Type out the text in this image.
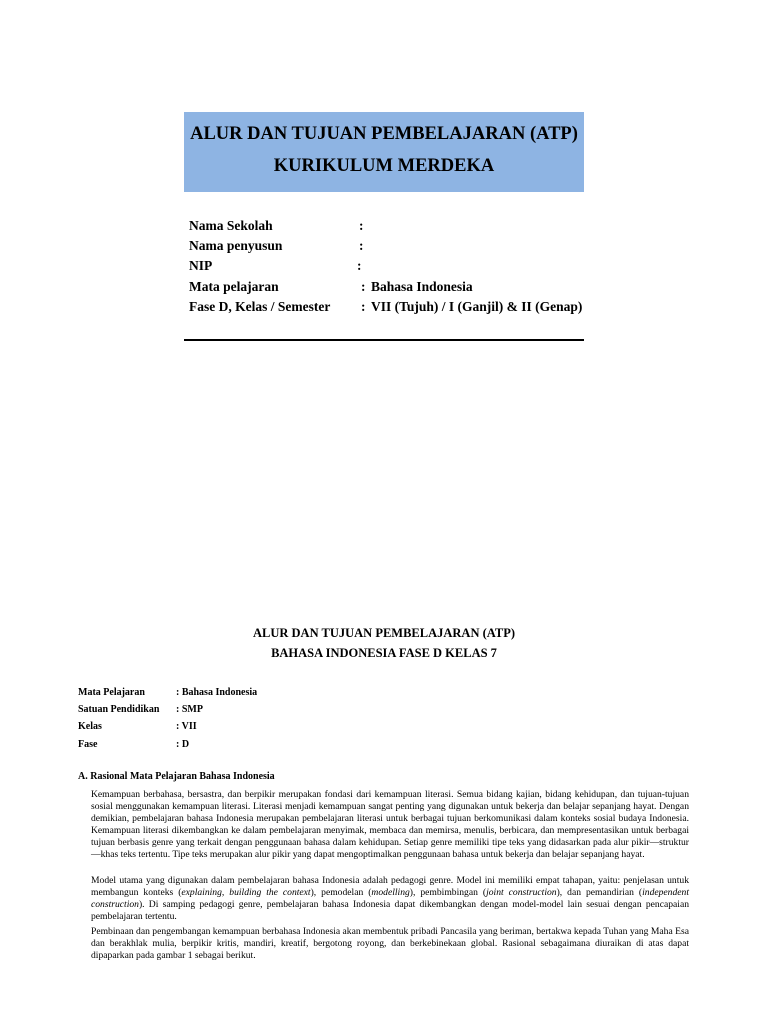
ALUR DAN TUJUAN PEMBELAJARAN (ATP)
KURIKULUM MERDEKA
Nama Sekolah	:
Nama penyusun	:
NIP	:
Mata pelajaran	: Bahasa Indonesia
Fase D, Kelas / Semester : VII (Tujuh) / I (Ganjil) & II (Genap)
ALUR DAN TUJUAN PEMBELAJARAN (ATP)
BAHASA INDONESIA FASE D KELAS 7
Mata Pelajaran	: Bahasa Indonesia
Satuan Pendidikan : SMP
Kelas	: VII
Fase	: D
A. Rasional Mata Pelajaran Bahasa Indonesia
Kemampuan berbahasa, bersastra, dan berpikir merupakan fondasi dari kemampuan literasi. Semua bidang kajian, bidang kehidupan, dan tujuan-tujuan sosial menggunakan kemampuan literasi. Literasi menjadi kemampuan sangat penting yang digunakan untuk bekerja dan belajar sepanjang hayat. Dengan demikian, pembelajaran bahasa Indonesia merupakan pembelajaran literasi untuk berbagai tujuan berkomunikasi dalam konteks sosial budaya Indonesia. Kemampuan literasi dikembangkan ke dalam pembelajaran menyimak, membaca dan memirsa, menulis, berbicara, dan mempresentasikan untuk berbagai tujuan berbasis genre yang terkait dengan penggunaan bahasa dalam kehidupan. Setiap genre memiliki tipe teks yang didasarkan pada alur pikir—struktur—khas teks tertentu. Tipe teks merupakan alur pikir yang dapat mengoptimalkan penggunaan bahasa untuk bekerja dan belajar sepanjang hayat.
Model utama yang digunakan dalam pembelajaran bahasa Indonesia adalah pedagogi genre. Model ini memiliki empat tahapan, yaitu: penjelasan untuk membangun konteks (explaining, building the context), pemodelan (modelling), pembimbingan (joint construction), dan pemandirian (independent construction). Di samping pedagogi genre, pembelajaran bahasa Indonesia dapat dikembangkan dengan model-model lain sesuai dengan pencapaian pembelajaran tertentu.
Pembinaan dan pengembangan kemampuan berbahasa Indonesia akan membentuk pribadi Pancasila yang beriman, bertakwa kepada Tuhan yang Maha Esa dan berakhlak mulia, berpikir kritis, mandiri, kreatif, bergotong royong, dan berkebinekaan global. Rasional sebagaimana diuraikan di atas dapat dipaparkan pada gambar 1 sebagai berikut.
